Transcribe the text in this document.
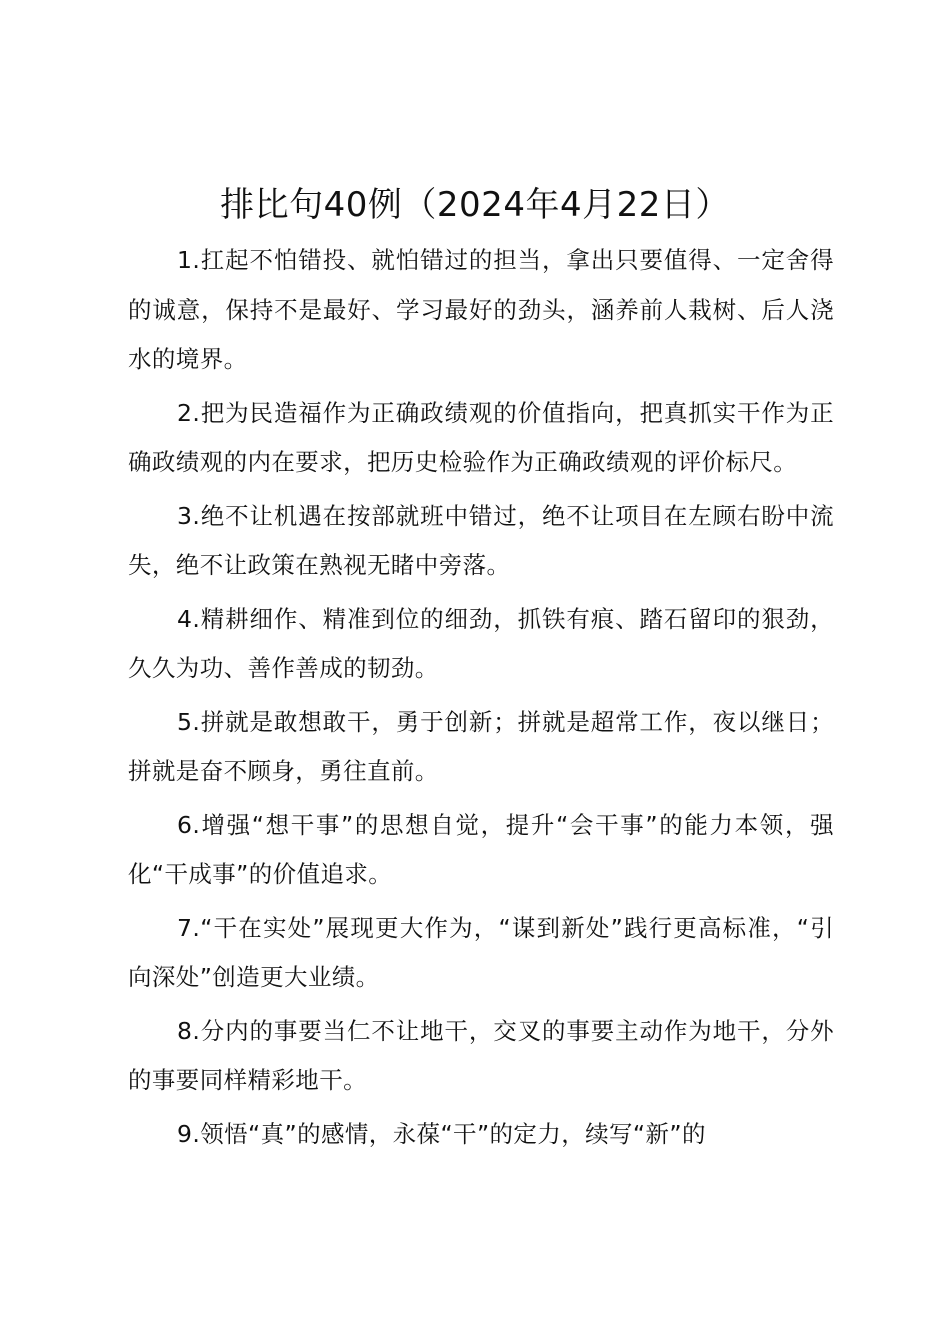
排比句40例（2024年4月22日）

1.扛起不怕错投、就怕错过的担当，拿出只要值得、一定舍得的诚意，保持不是最好、学习最好的劲头，涵养前人栽树、后人浇水的境界。

2.把为民造福作为正确政绩观的价值指向，把真抓实干作为正确政绩观的内在要求，把历史检验作为正确政绩观的评价标尺。

3.绝不让机遇在按部就班中错过，绝不让项目在左顾右盼中流失，绝不让政策在熟视无睹中旁落。

4.精耕细作、精准到位的细劲，抓铁有痕、踏石留印的狠劲，久久为功、善作善成的韧劲。

5.拼就是敢想敢干，勇于创新；拼就是超常工作，夜以继日；拼就是奋不顾身，勇往直前。

6.增强“想干事”的思想自觉，提升“会干事”的能力本领，强化“干成事”的价值追求。

7.“干在实处”展现更大作为，“谋到新处”践行更高标准，“引向深处”创造更大业绩。

8.分内的事要当仁不让地干，交叉的事要主动作为地干，分外的事要同样精彩地干。

9.领悟“真”的感情，永葆“干”的定力，续写“新”的
